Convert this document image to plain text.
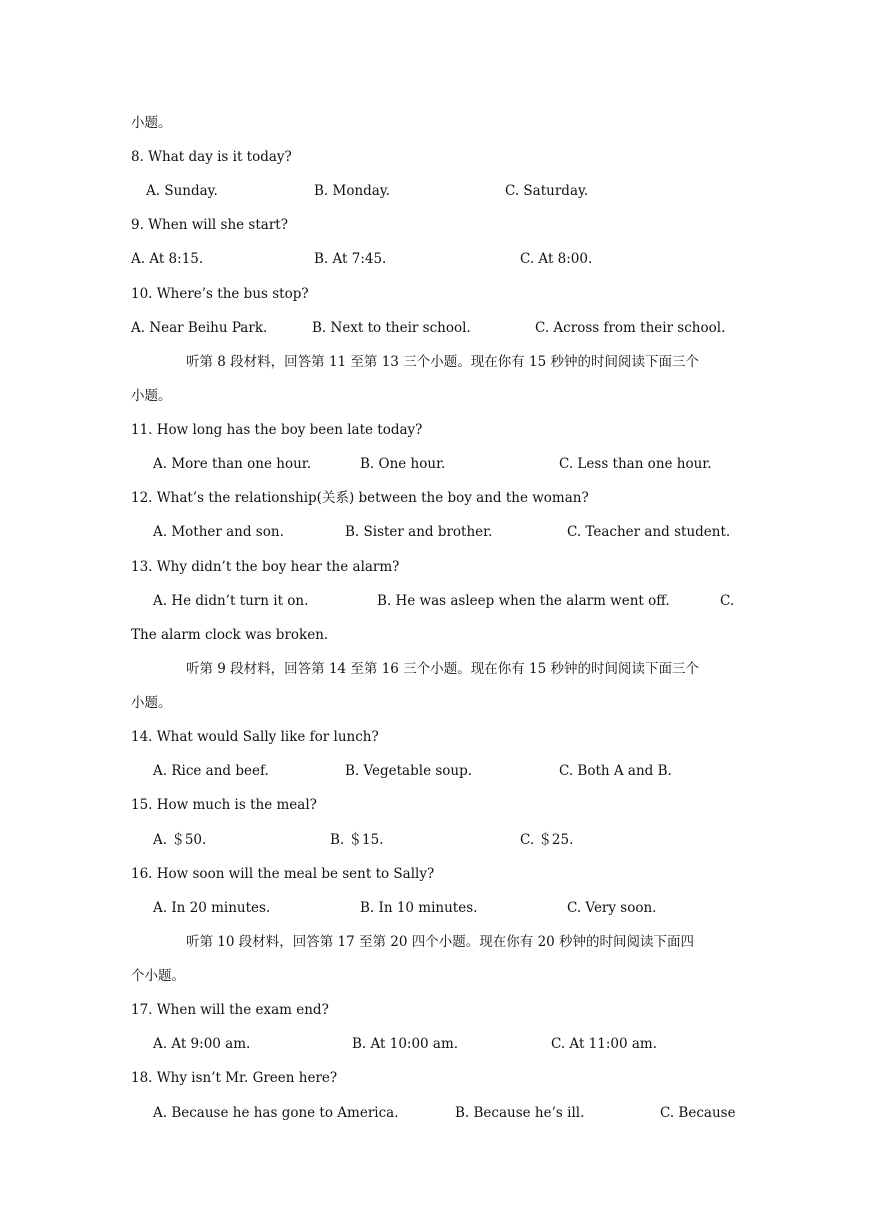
小题。
8. What day is it today?
A. Sunday.	B. Monday.	C. Saturday.
9. When will she start?
A. At 8:15.	B. At 7:45.	C. At 8:00.
10. Where’s the bus stop?
A. Near Beihu Park.	B. Next to their school.	C. Across from their school.
听第 8 段材料，回答第 11 至第 13 三个小题。现在你有 15 秒钟的时间阅读下面三个
小题。
11. How long has the boy been late today?
A. More than one hour.	B. One hour.	C. Less than one hour.
12. What’s the relationship(关系) between the boy and the woman?
A. Mother and son.	B. Sister and brother.	C. Teacher and student.
13. Why didn’t the boy hear the alarm?
A. He didn’t turn it on.	B. He was asleep when the alarm went off.	C.
The alarm clock was broken.
听第 9 段材料，回答第 14 至第 16 三个小题。现在你有 15 秒钟的时间阅读下面三个
小题。
14. What would Sally like for lunch?
A. Rice and beef.	B. Vegetable soup.	C. Both A and B.
15. How much is the meal?
A. ＄50.	B. ＄15.	C. ＄25.
16. How soon will the meal be sent to Sally?
A. In 20 minutes.	B. In 10 minutes.	C. Very soon.
听第 10 段材料，回答第 17 至第 20 四个小题。现在你有 20 秒钟的时间阅读下面四
个小题。
17. When will the exam end?
A. At 9:00 am.	B. At 10:00 am.	C. At 11:00 am.
18. Why isn’t Mr. Green here?
A. Because he has gone to America.	B. Because he’s ill.	C. Because
